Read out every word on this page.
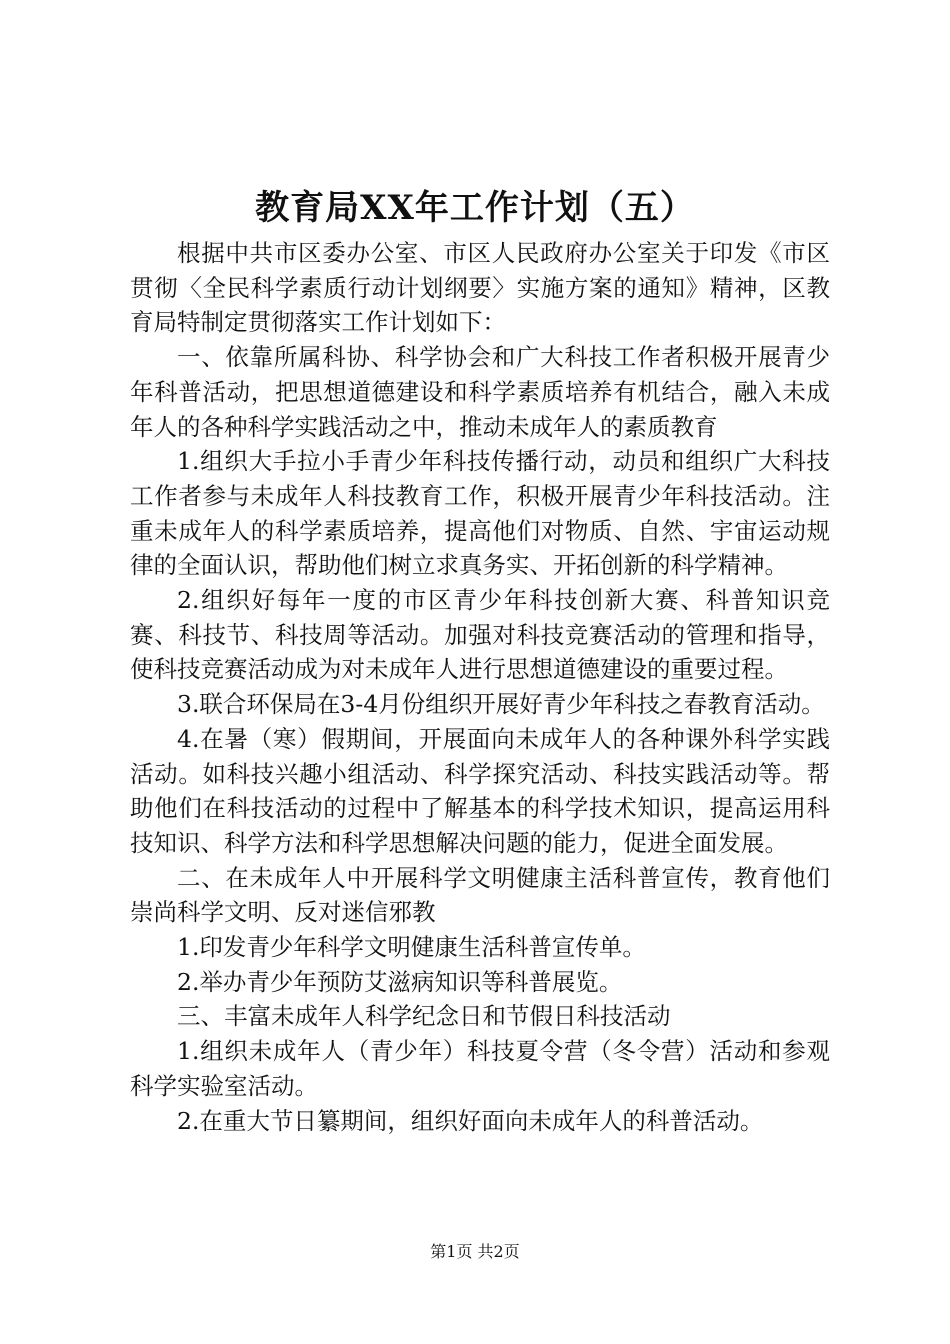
教育局XX年工作计划（五）

根据中共市区委办公室、市区人民政府办公室关于印发《市区贯彻〈全民科学素质行动计划纲要〉实施方案的通知》精神，区教育局特制定贯彻落实工作计划如下：

一、依靠所属科协、科学协会和广大科技工作者积极开展青少年科普活动，把思想道德建设和科学素质培养有机结合，融入未成年人的各种科学实践活动之中，推动未成年人的素质教育

1.组织大手拉小手青少年科技传播行动，动员和组织广大科技工作者参与未成年人科技教育工作，积极开展青少年科技活动。注重未成年人的科学素质培养，提高他们对物质、自然、宇宙运动规律的全面认识，帮助他们树立求真务实、开拓创新的科学精神。

2.组织好每年一度的市区青少年科技创新大赛、科普知识竞赛、科技节、科技周等活动。加强对科技竞赛活动的管理和指导，使科技竞赛活动成为对未成年人进行思想道德建设的重要过程。

3.联合环保局在3-4月份组织开展好青少年科技之春教育活动。

4.在暑（寒）假期间，开展面向未成年人的各种课外科学实践活动。如科技兴趣小组活动、科学探究活动、科技实践活动等。帮助他们在科技活动的过程中了解基本的科学技术知识，提高运用科技知识、科学方法和科学思想解决问题的能力，促进全面发展。

二、在未成年人中开展科学文明健康主活科普宣传，教育他们崇尚科学文明、反对迷信邪教

1.印发青少年科学文明健康生活科普宣传单。

2.举办青少年预防艾滋病知识等科普展览。

三、丰富未成年人科学纪念日和节假日科技活动

1.组织未成年人（青少年）科技夏令营（冬令营）活动和参观科学实验室活动。

2.在重大节日纂期间，组织好面向未成年人的科普活动。

第1页 共2页
